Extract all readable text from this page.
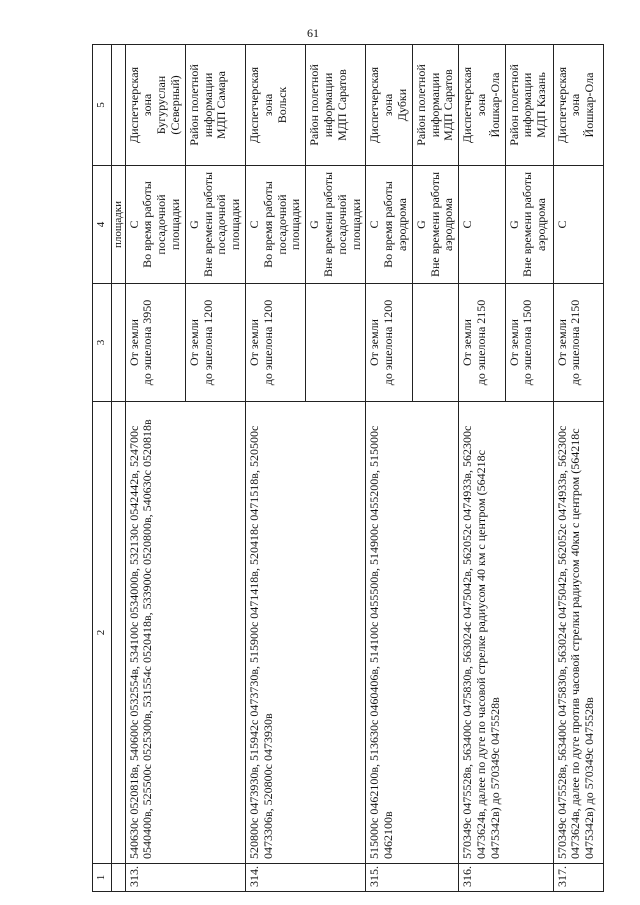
61
1	2	3	4	5
			площадки	
313.	540630с 0520818в, 540600с 0532554в, 534100с 0534000в, 532130с 0542442в, 524700с 0540400в, 525500с 0525300в, 531554с 0520418в, 533900с 0520800в, 540630с 0520818в	От земли до эшелона 3950	С Во время работы посадочной площадки	Диспетчерская зона Бугуруслан (Северный)

		От земли до эшелона 1200	G Вне времени работы посадочной площадки	Район полетной информации МДП Самара

314.	520800с 0473930в, 515942с 0473730в, 515900с 0471418в, 520418с 0471518в, 520500с 0473306в, 520800с 0473930в	От земли до эшелона 1200	С Во время работы посадочной площадки	Диспетчерская зона Вольск

			G Вне времени работы посадочной площадки	Район полетной информации МДП Саратов

315.	515000с 0462100в, 513630с 0460406в, 514100с 0455500в, 514900с 0455200в, 515000с 0462100в	От земли до эшелона 1200	С Во время работы аэродрома	Диспетчерская зона Дубки

			G Вне времени работы аэродрома	Район полетной информации МДП Саратов

316.	570349с 0475528в, 563400с 0475830в, 563024с 0475042в, 562052с 0474933в, 562300с 0473624в, далее по дуге по часовой стрелке радиусом 40 км с центром (564218с 0475342в) до 570349с 0475528в	От земли до эшелона 2150	С	Диспетчерская зона Йошкар-Ола

		От земли до эшелона 1500	G Вне времени работы аэродрома	Район полетной информации МДП Казань

317.	570349с 0475528в, 563400с 0475830в, 563024с 0475042в, 562052с 0474933в, 562300с 0473624в, далее по дуге против часовой стрелки радиусом 40км с центром (564218с 0475342в) до 570349с 0475528в	От земли до эшелона 2150	С	Диспетчерская зона Йошкар-Ола
